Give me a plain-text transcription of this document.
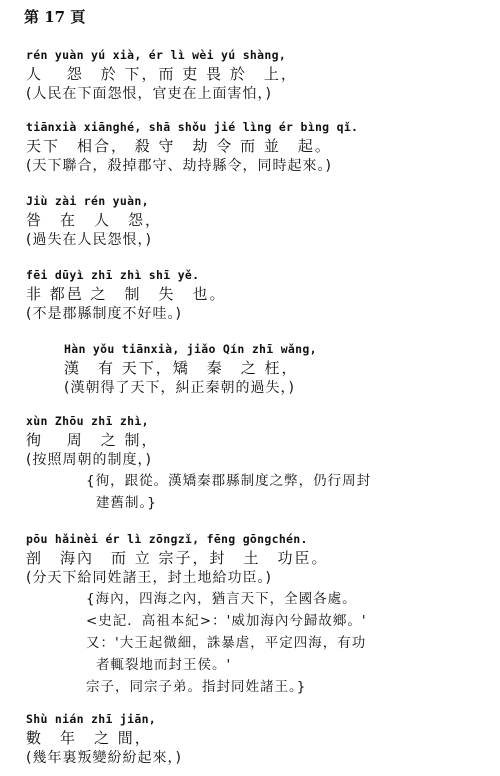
第 17 頁
rén yuàn yú xià, ér lì wèi yú shàng,
人　 怨　於 下，而 吏 畏 於　上，
(人民在下面怨恨，官吏在上面害怕，)
tiānxià xiānghé, shā shǒu jié lìng ér bìng qǐ.
天下　相合， 殺 守　劫 令 而 並　起。
(天下聯合，殺掉郡守、劫持縣令，同時起來。)
Jiù zài rén yuàn,
咎　在　人　怨，
(過失在人民怨恨，)
fēi dūyì zhī zhì shī yě.
非 都邑 之　制　失　也。
(不是郡縣制度不好哇。)
Hàn yǒu tiānxià, jiǎo Qín zhī wǎng,
漢　有 天下，矯　秦　之 枉，
(漢朝得了天下，糾正秦朝的過失，)
xùn Zhōu zhī zhì,
徇　 周　之 制，
(按照周朝的制度，)
{徇，跟從。漢矯秦郡縣制度之弊，仍行周封
建舊制。}
pōu hǎinèi ér lì zōngzǐ, fēng gōngchén.
剖　海內　而 立 宗子，封　土　功臣。
(分天下給同姓諸王，封土地給功臣。)
{海內，四海之內，猶言天下，全國各處。
<史記．高祖本紀>：'威加海內兮歸故鄉。'
又：'大王起微細，誅暴虐，平定四海，有功
者輒裂地而封王侯。'
宗子，同宗子弟。指封同姓諸王。}
Shù nián zhī jiān,
數　年　之 間，
(幾年裏叛變紛紛起來，)
